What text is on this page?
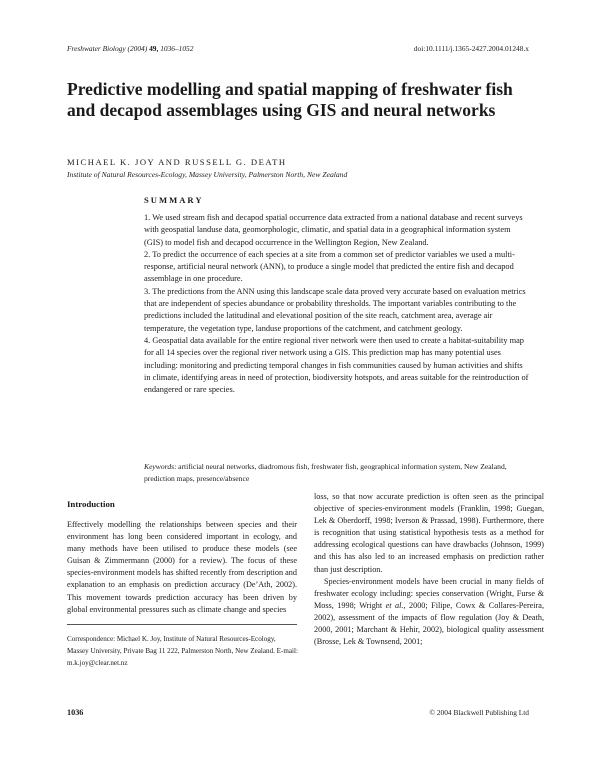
Freshwater Biology (2004) 49, 1036–1052	doi:10.1111/j.1365-2427.2004.01248.x
Predictive modelling and spatial mapping of freshwater fish and decapod assemblages using GIS and neural networks
MICHAEL K. JOY AND RUSSELL G. DEATH
Institute of Natural Resources-Ecology, Massey University, Palmerston North, New Zealand
SUMMARY

1. We used stream fish and decapod spatial occurrence data extracted from a national database and recent surveys with geospatial landuse data, geomorphologic, climatic, and spatial data in a geographical information system (GIS) to model fish and decapod occurrence in the Wellington Region, New Zealand.

2. To predict the occurrence of each species at a site from a common set of predictor variables we used a multi-response, artificial neural network (ANN), to produce a single model that predicted the entire fish and decapod assemblage in one procedure.

3. The predictions from the ANN using this landscape scale data proved very accurate based on evaluation metrics that are independent of species abundance or probability thresholds. The important variables contributing to the predictions included the latitudinal and elevational position of the site reach, catchment area, average air temperature, the vegetation type, landuse proportions of the catchment, and catchment geology.

4. Geospatial data available for the entire regional river network were then used to create a habitat-suitability map for all 14 species over the regional river network using a GIS. This prediction map has many potential uses including: monitoring and predicting temporal changes in fish communities caused by human activities and shifts in climate, identifying areas in need of protection, biodiversity hotspots, and areas suitable for the reintroduction of endangered or rare species.

Keywords: artificial neural networks, diadromous fish, freshwater fish, geographical information system, New Zealand, prediction maps, presence/absence
Introduction

Effectively modelling the relationships between species and their environment has long been considered important in ecology, and many methods have been utilised to produce these models (see Guisan & Zimmermann (2000) for a review). The focus of these species-environment models has shifted recently from description and explanation to an emphasis on prediction accuracy (De’Ath, 2002). This movement towards prediction accuracy has been driven by global environmental pressures such as climate change and species

loss, so that now accurate prediction is often seen as the principal objective of species-environment models (Franklin, 1998; Guegan, Lek & Oberdorff, 1998; Iverson & Prassad, 1998). Furthermore, there is recognition that using statistical hypothesis tests as a method for addressing ecological questions can have drawbacks (Johnson, 1999) and this has also led to an increased emphasis on prediction rather than just description.

Species-environment models have been crucial in many fields of freshwater ecology including: species conservation (Wright, Furse & Moss, 1998; Wright et al., 2000; Filipe, Cowx & Collares-Pereira, 2002), assessment of the impacts of flow regulation (Joy & Death, 2000, 2001; Marchant & Hehir, 2002), biological quality assessment (Brosse, Lek & Townsend, 2001;

Correspondence: Michael K. Joy, Institute of Natural Resources-Ecology, Massey University, Private Bag 11 222, Palmerston North, New Zealand. E-mail: m.k.joy@clear.net.nz
1036	© 2004 Blackwell Publishing Ltd
